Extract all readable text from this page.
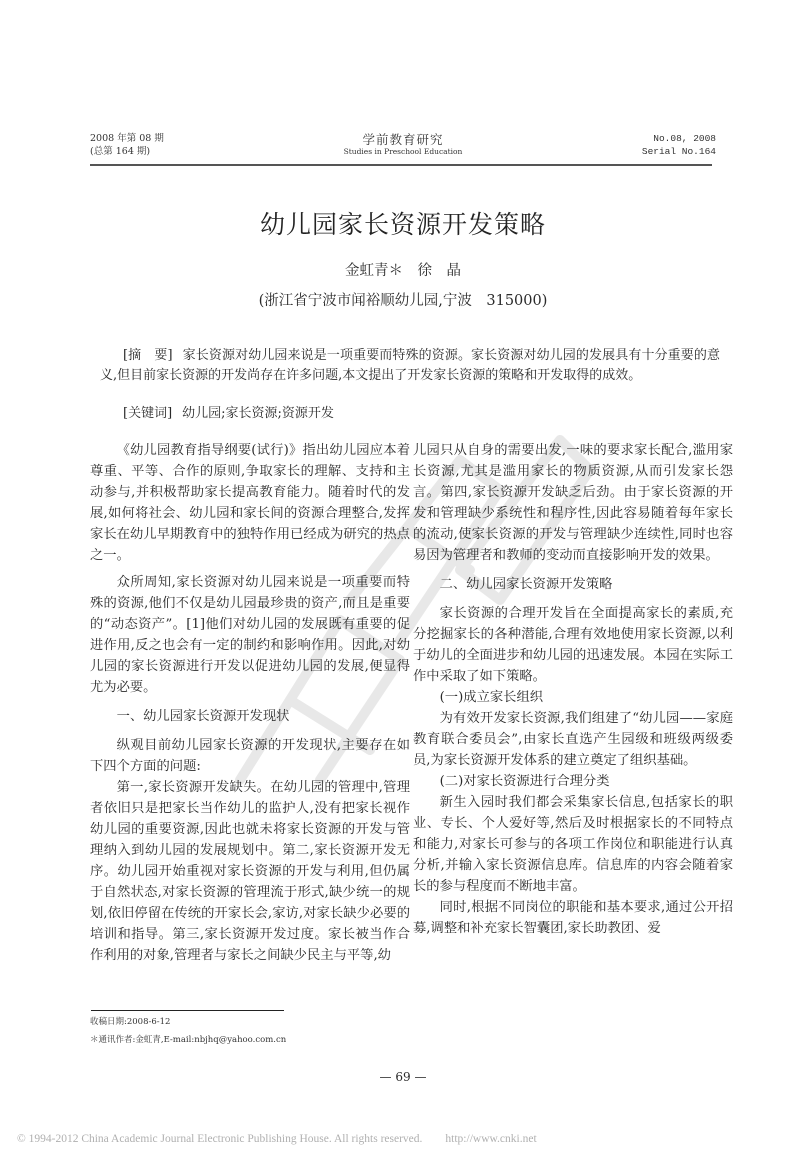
2008 年第 08 期
(总第 164 期)
学前教育研究
Studies in Preschool Education
No.08, 2008
Serial No.164
幼儿园家长资源开发策略
金虹青＊　徐　晶
(浙江省宁波市闻裕顺幼儿园,宁波　315000)
[摘　要] 家长资源对幼儿园来说是一项重要而特殊的资源。家长资源对幼儿园的发展具有十分重要的意义,但目前家长资源的开发尚存在许多问题,本文提出了开发家长资源的策略和开发取得的成效。
[关键词] 幼儿园;家长资源;资源开发

《幼儿园教育指导纲要(试行)》指出幼儿园应本着尊重、平等、合作的原则,争取家长的理解、支持和主动参与,并积极帮助家长提高教育能力。随着时代的发展,如何将社会、幼儿园和家长间的资源合理整合,发挥家长在幼儿早期教育中的独特作用已经成为研究的热点之一。

众所周知,家长资源对幼儿园来说是一项重要而特殊的资源,他们不仅是幼儿园最珍贵的资产,而且是重要的“动态资产”。[1]他们对幼儿园的发展既有重要的促进作用,反之也会有一定的制约和影响作用。因此,对幼儿园的家长资源进行开发以促进幼儿园的发展,便显得尤为必要。

一、幼儿园家长资源开发现状

纵观目前幼儿园家长资源的开发现状,主要存在如下四个方面的问题:

第一,家长资源开发缺失。在幼儿园的管理中,管理者依旧只是把家长当作幼儿的监护人,没有把家长视作幼儿园的重要资源,因此也就未将家长资源的开发与管理纳入到幼儿园的发展规划中。第二,家长资源开发无序。幼儿园开始重视对家长资源的开发与利用,但仍属于自然状态,对家长资源的管理流于形式,缺少统一的规划,依旧停留在传统的开家长会,家访,对家长缺少必要的培训和指导。第三,家长资源开发过度。家长被当作合作利用的对象,管理者与家长之间缺少民主与平等,幼

儿园只从自身的需要出发,一味的要求家长配合,滥用家长资源,尤其是滥用家长的物质资源,从而引发家长怨言。第四,家长资源开发缺乏后劲。由于家长资源的开发和管理缺少系统性和程序性,因此容易随着每年家长的流动,使家长资源的开发与管理缺少连续性,同时也容易因为管理者和教师的变动而直接影响开发的效果。

二、幼儿园家长资源开发策略

家长资源的合理开发旨在全面提高家长的素质,充分挖掘家长的各种潜能,合理有效地使用家长资源,以利于幼儿的全面进步和幼儿园的迅速发展。本园在实际工作中采取了如下策略。

(一)成立家长组织

为有效开发家长资源,我们组建了“幼儿园——家庭教育联合委员会”,由家长直选产生园级和班级两级委员,为家长资源开发体系的建立奠定了组织基础。

(二)对家长资源进行合理分类

新生入园时我们都会采集家长信息,包括家长的职业、专长、个人爱好等,然后及时根据家长的不同特点和能力,对家长可参与的各项工作岗位和职能进行认真分析,并输入家长资源信息库。信息库的内容会随着家长的参与程度而不断地丰富。

同时,根据不同岗位的职能和基本要求,通过公开招募,调整和补充家长智囊团,家长助教团、爱

收稿日期:2008-6-12
＊通讯作者:金虹青,E-mail:nbjhq@yahoo.com.cn
— 69 —
© 1994-2012 China Academic Journal Electronic Publishing House. All rights reserved.　　http://www.cnki.net
